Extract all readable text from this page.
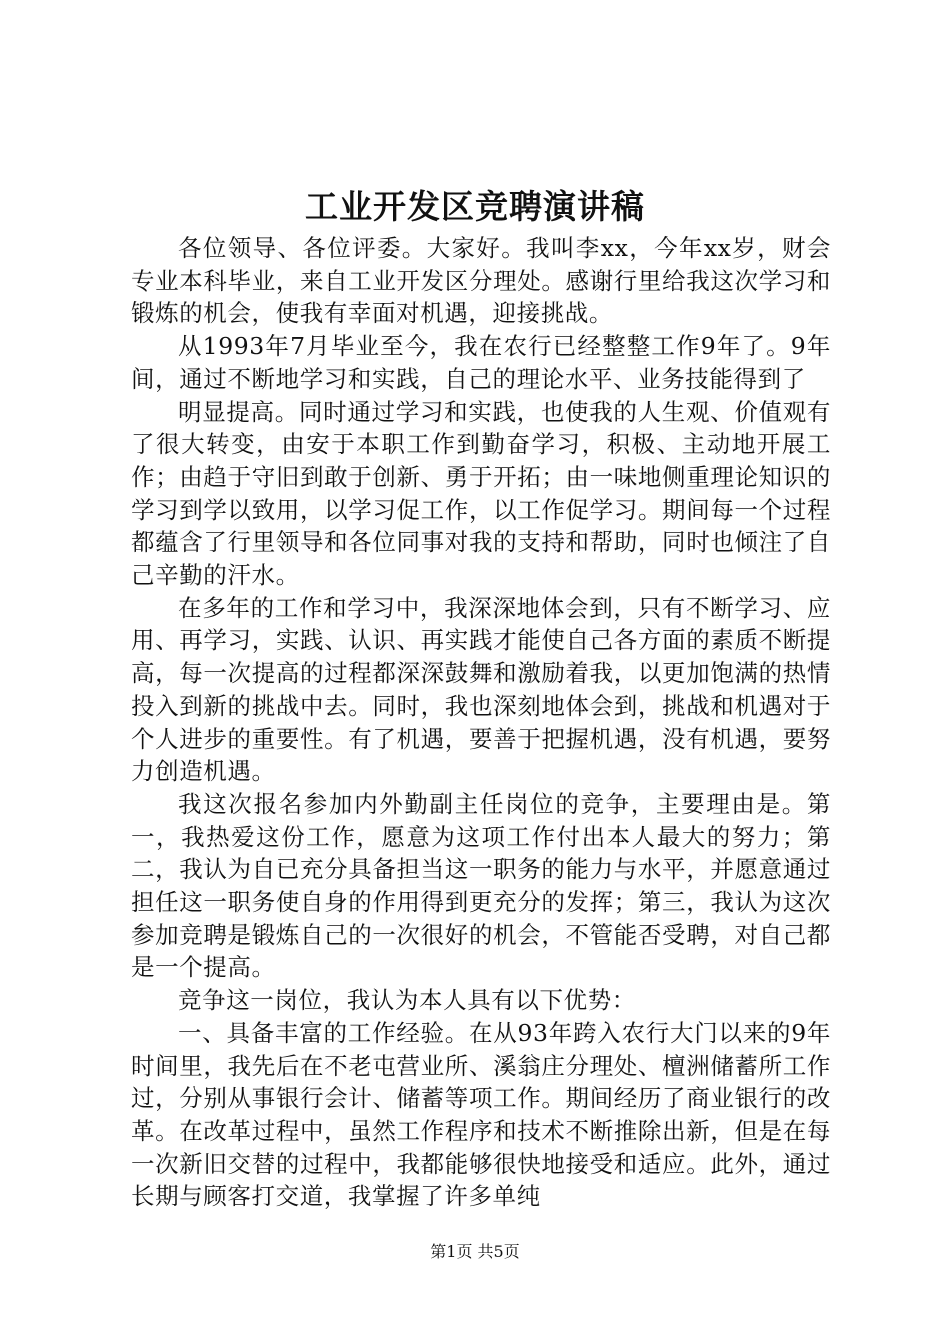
工业开发区竞聘演讲稿

各位领导、各位评委。大家好。我叫李xx，今年xx岁，财会专业本科毕业，来自工业开发区分理处。感谢行里给我这次学习和锻炼的机会，使我有幸面对机遇，迎接挑战。

从1993年7月毕业至今，我在农行已经整整工作9年了。9年间，通过不断地学习和实践，自己的理论水平、业务技能得到了

明显提高。同时通过学习和实践，也使我的人生观、价值观有了很大转变，由安于本职工作到勤奋学习，积极、主动地开展工作；由趋于守旧到敢于创新、勇于开拓；由一味地侧重理论知识的学习到学以致用，以学习促工作，以工作促学习。期间每一个过程都蕴含了行里领导和各位同事对我的支持和帮助，同时也倾注了自己辛勤的汗水。

在多年的工作和学习中，我深深地体会到，只有不断学习、应用、再学习，实践、认识、再实践才能使自己各方面的素质不断提高，每一次提高的过程都深深鼓舞和激励着我，以更加饱满的热情投入到新的挑战中去。同时，我也深刻地体会到，挑战和机遇对于个人进步的重要性。有了机遇，要善于把握机遇，没有机遇，要努力创造机遇。

我这次报名参加内外勤副主任岗位的竞争，主要理由是。第一，我热爱这份工作，愿意为这项工作付出本人最大的努力；第二，我认为自已充分具备担当这一职务的能力与水平，并愿意通过担任这一职务使自身的作用得到更充分的发挥；第三，我认为这次参加竞聘是锻炼自己的一次很好的机会，不管能否受聘，对自己都是一个提高。

竞争这一岗位，我认为本人具有以下优势：

一、具备丰富的工作经验。在从93年跨入农行大门以来的9年时间里，我先后在不老屯营业所、溪翁庄分理处、檀洲储蓄所工作过，分别从事银行会计、储蓄等项工作。期间经历了商业银行的改革。在改革过程中，虽然工作程序和技术不断推除出新，但是在每一次新旧交替的过程中，我都能够很快地接受和适应。此外，通过长期与顾客打交道，我掌握了许多单纯

第1页 共5页
